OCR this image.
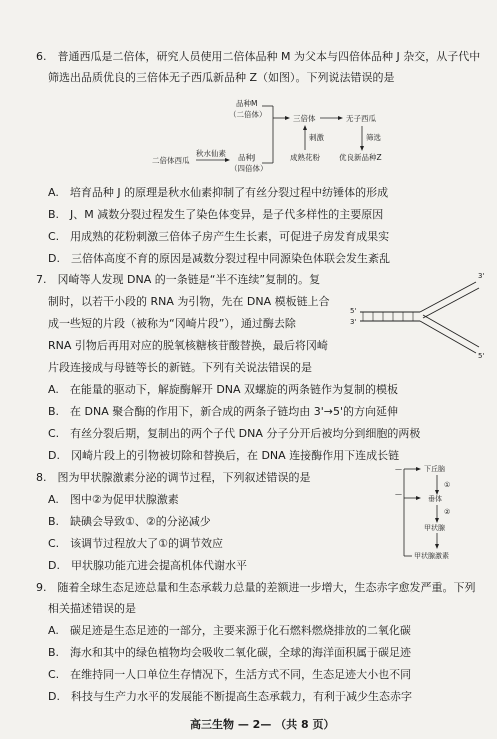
6.　普通西瓜是二倍体，研究人员使用二倍体品种 M 为父本与四倍体品种 J 杂交，从子代中
筛选出品质优良的三倍体无子西瓜新品种 Z（如图）。下列说法错误的是
品种M
（二倍体）	三倍体	无子西瓜
刺激	筛选
成熟花粉	优良新品种Z
秋水仙素
二倍体西瓜	品种J
（四倍体）
A.　培育品种 J 的原理是秋水仙素抑制了有丝分裂过程中纺锤体的形成
B.　J、M 减数分裂过程发生了染色体变异，是子代多样性的主要原因
C.　用成熟的花粉刺激三倍体子房产生生长素，可促进子房发育成果实
D.　三倍体高度不育的原因是减数分裂过程中同源染色体联会发生紊乱
7.　冈崎等人发现 DNA 的一条链是“半不连续”复制的。复
制时，以若干小段的 RNA 为引物，先在 DNA 模板链上合
成一些短的片段（被称为“冈崎片段”），通过酶去除
RNA 引物后再用对应的脱氧核糖核苷酸替换，最后将冈崎
片段连接成与母链等长的新链。下列有关说法错误的是
5'
3'
3'
5'
A.　在能量的驱动下，解旋酶解开 DNA 双螺旋的两条链作为复制的模板
B.　在 DNA 聚合酶的作用下，新合成的两条子链均由 3'→5'的方向延伸
C.　有丝分裂后期，复制出的两个子代 DNA 分子分开后被均分到细胞的两极
D.　冈崎片段上的引物被切除和替换后，在 DNA 连接酶作用下连成长链
8.　图为甲状腺激素分泌的调节过程，下列叙述错误的是
A.　图中②为促甲状腺激素
B.　缺碘会导致①、②的分泌减少
C.　该调节过程放大了①的调节效应
D.　甲状腺功能亢进会提高机体代谢水平
下丘脑
①
垂体
②
甲状腺
甲状腺激素
—
—
9.　随着全球生态足迹总量和生态承载力总量的差额进一步增大，生态赤字愈发严重。下列
相关描述错误的是
A.　碳足迹是生态足迹的一部分，主要来源于化石燃料燃烧排放的二氧化碳
B.　海水和其中的绿色植物均会吸收二氧化碳，全球的海洋面积属于碳足迹
C.　在维持同一人口单位生存情况下，生活方式不同，生态足迹大小也不同
D.　科技与生产力水平的发展能不断提高生态承载力，有利于减少生态赤字
高三生物 — 2— （共 8 页）
